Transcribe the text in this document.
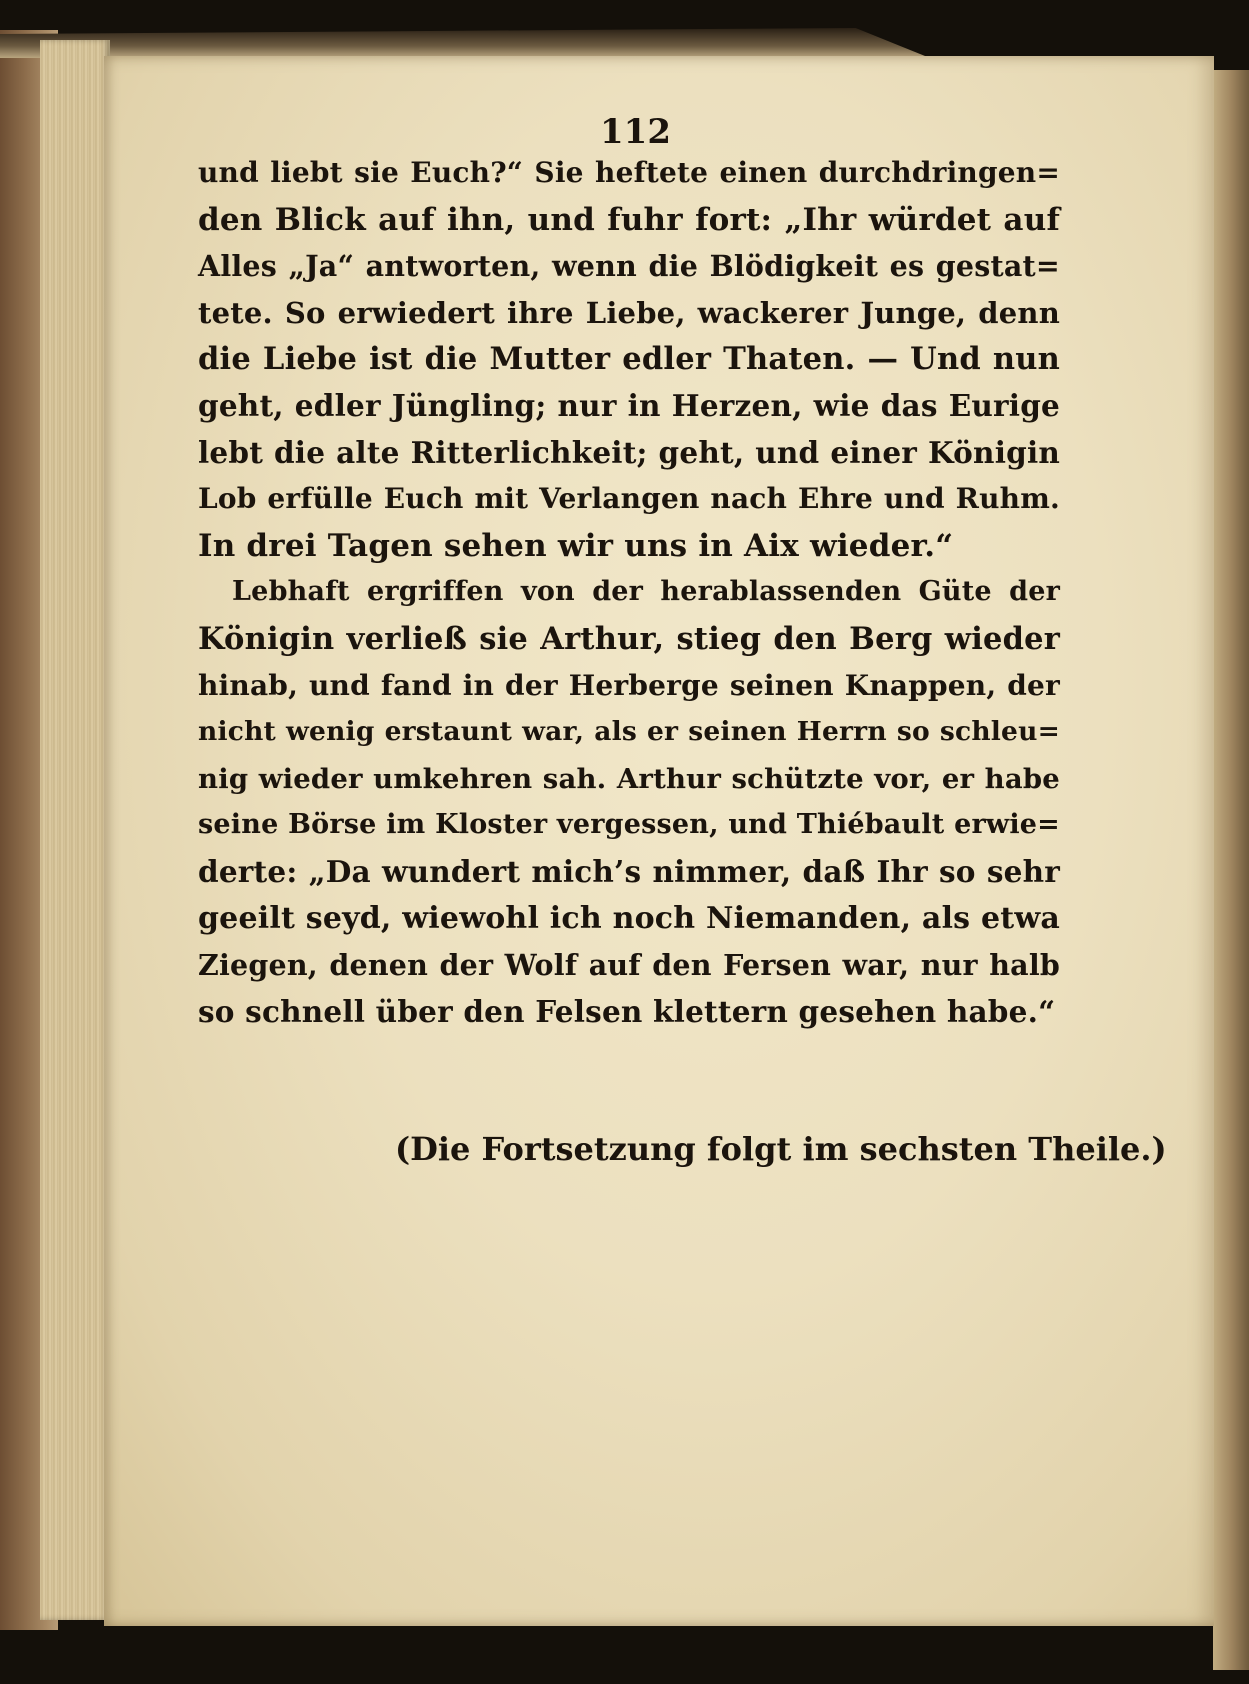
112
und liebt sie Euch?“ Sie heftete einen durchdringen=
den Blick auf ihn, und fuhr fort: „Ihr würdet auf
Alles „Ja“ antworten, wenn die Blödigkeit es gestat=
tete. So erwiedert ihre Liebe, wackerer Junge, denn
die Liebe ist die Mutter edler Thaten. — Und nun
geht, edler Jüngling; nur in Herzen, wie das Eurige
lebt die alte Ritterlichkeit; geht, und einer Königin
Lob erfülle Euch mit Verlangen nach Ehre und Ruhm.
In drei Tagen sehen wir uns in Aix wieder.“
Lebhaft ergriffen von der herablassenden Güte der
Königin verließ sie Arthur, stieg den Berg wieder
hinab, und fand in der Herberge seinen Knappen, der
nicht wenig erstaunt war, als er seinen Herrn so schleu=
nig wieder umkehren sah. Arthur schützte vor, er habe
seine Börse im Kloster vergessen, und Thiébault erwie=
derte: „Da wundert mich’s nimmer, daß Ihr so sehr
geeilt seyd, wiewohl ich noch Niemanden, als etwa
Ziegen, denen der Wolf auf den Fersen war, nur halb
so schnell über den Felsen klettern gesehen habe.“
(Die Fortsetzung folgt im sechsten Theile.)
